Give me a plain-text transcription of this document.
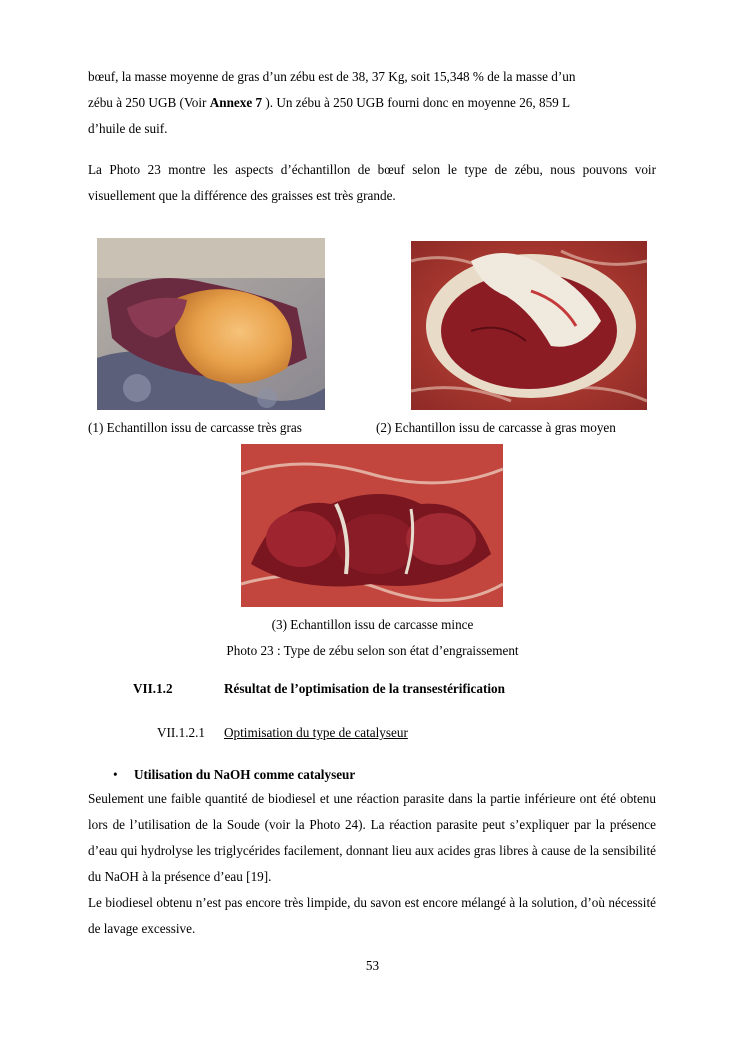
bœuf, la masse moyenne de gras d’un zébu est de 38, 37 Kg, soit 15,348 % de la masse d’un
zébu à 250 UGB (Voir Annexe 7 ). Un zébu à 250 UGB fourni donc en moyenne 26, 859 L
d’huile de suif.

La Photo 23 montre les aspects d’échantillon de bœuf selon le type de zébu, nous pouvons voir visuellement que la différence des graisses est très grande.

(1) Echantillon issu de carcasse très gras	(2) Echantillon issu de carcasse à gras moyen
(3) Echantillon issu de carcasse mince
Photo 23 : Type de zébu selon son état d’engraissement
VII.1.2	Résultat de l’optimisation de la transestérification
VII.1.2.1 Optimisation du type de catalyseur
• Utilisation du NaOH comme catalyseur

Seulement une faible quantité de biodiesel et une réaction parasite dans la partie inférieure ont été obtenu lors de l’utilisation de la Soude (voir la Photo 24). La réaction parasite peut s’expliquer par la présence d’eau qui hydrolyse les triglycérides facilement, donnant lieu aux acides gras libres à cause de la sensibilité du NaOH à la présence d’eau [19].

Le biodiesel obtenu n’est pas encore très limpide, du savon est encore mélangé à la solution, d’où nécessité de lavage excessive.

53
